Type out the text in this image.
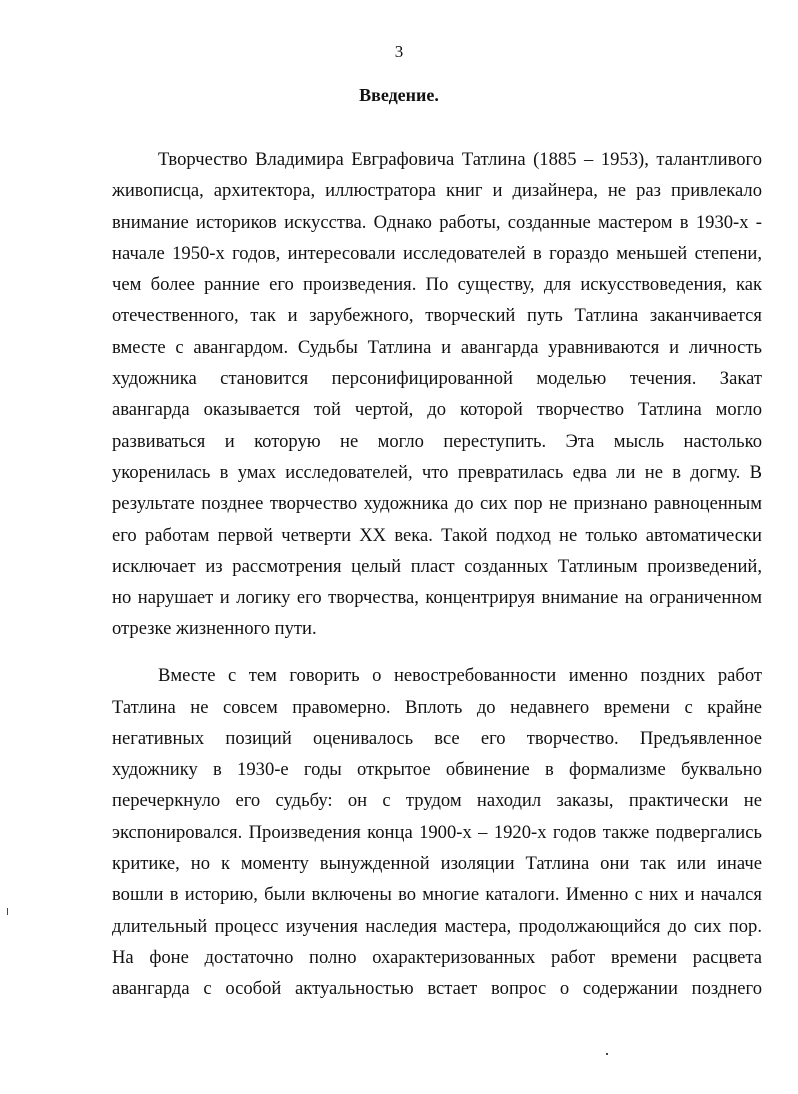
3
Введение.

Творчество Владимира Евграфовича Татлина (1885 – 1953), талантливого
живописца, архитектора, иллюстратора книг и дизайнера, не раз привлекало
внимание историков искусства. Однако работы, созданные мастером в 1930-х -
начале 1950-х годов, интересовали исследователей в гораздо меньшей степени,
чем более ранние его произведения. По существу, для искусствоведения, как
отечественного, так и зарубежного, творческий путь Татлина заканчивается
вместе с авангардом. Судьбы Татлина и авангарда уравниваются и личность
художника становится персонифицированной моделью течения. Закат
авангарда оказывается той чертой, до которой творчество Татлина могло
развиваться и которую не могло переступить. Эта мысль настолько
укоренилась в умах исследователей, что превратилась едва ли не в догму. В
результате позднее творчество художника до сих пор не признано равноценным
его работам первой четверти XX века. Такой подход не только автоматически
исключает из рассмотрения целый пласт созданных Татлиным произведений,
но нарушает и логику его творчества, концентрируя внимание на ограниченном
отрезке жизненного пути.

Вместе с тем говорить о невостребованности именно поздних работ
Татлина не совсем правомерно. Вплоть до недавнего времени с крайне
негативных позиций оценивалось все его творчество. Предъявленное
художнику в 1930-е годы открытое обвинение в формализме буквально
перечеркнуло его судьбу: он с трудом находил заказы, практически не
экспонировался. Произведения конца 1900-х – 1920-х годов также подвергались
критике, но к моменту вынужденной изоляции Татлина они так или иначе
вошли в историю, были включены во многие каталоги. Именно с них и начался
длительный процесс изучения наследия мастера, продолжающийся до сих пор.
На фоне достаточно полно охарактеризованных работ времени расцвета
авангарда с особой актуальностью встает вопрос о содержании позднего
